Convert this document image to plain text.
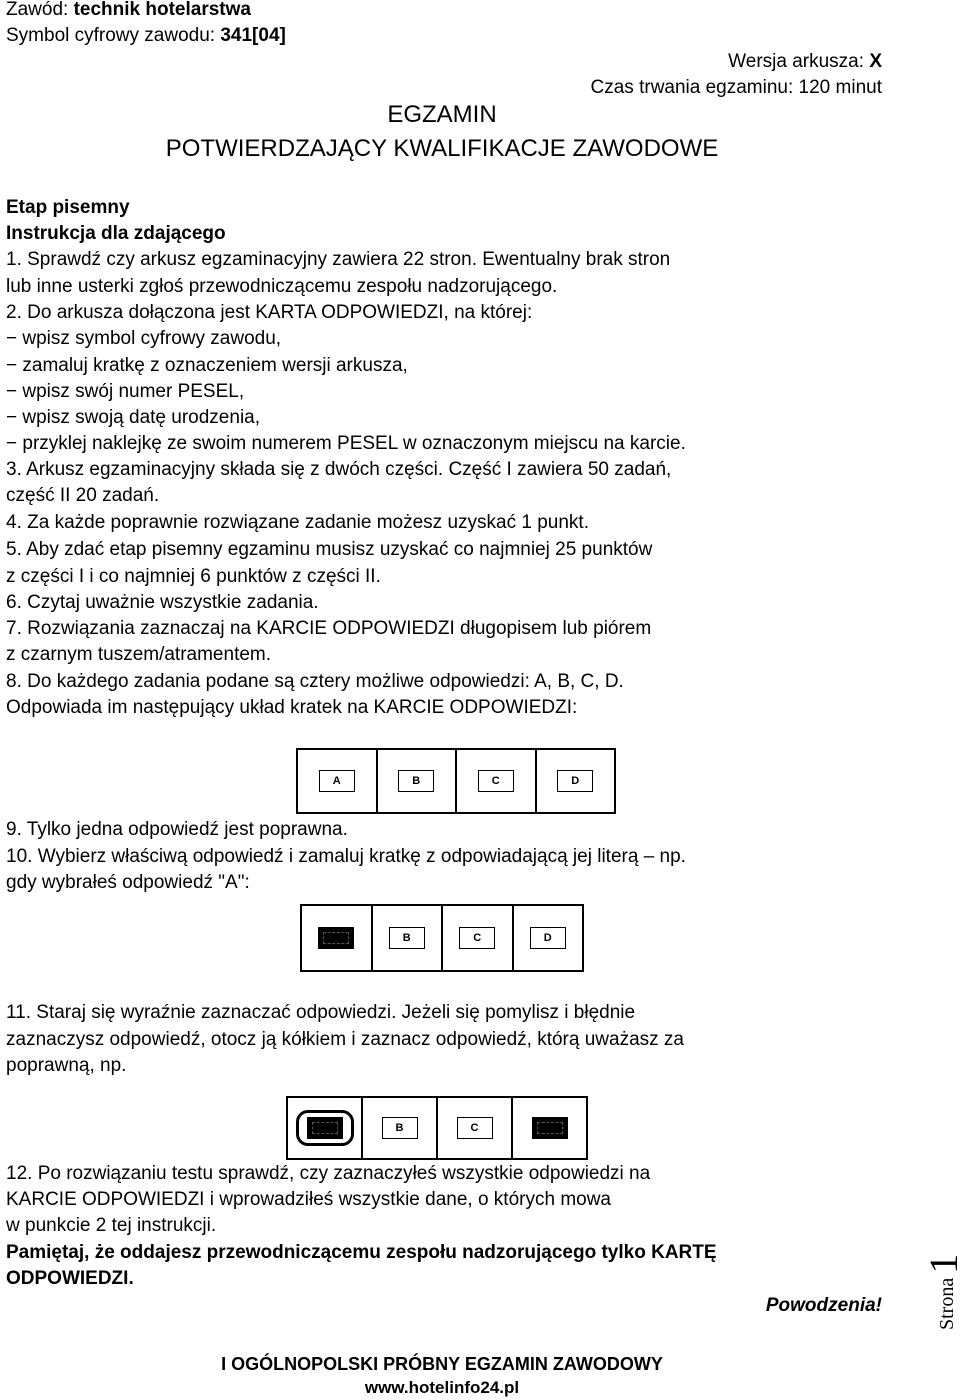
Zawód: technik hotelarstwa
Symbol cyfrowy zawodu: 341[04]
Wersja arkusza: X
Czas trwania egzaminu: 120 minut
EGZAMIN
POTWIERDZAJĄCY KWALIFIKACJE ZAWODOWE
Etap pisemny
Instrukcja dla zdającego
1. Sprawdź czy arkusz egzaminacyjny zawiera 22 stron. Ewentualny brak stron
lub inne usterki zgłoś przewodniczącemu zespołu nadzorującego.
2. Do arkusza dołączona jest KARTA ODPOWIEDZI, na której:
− wpisz symbol cyfrowy zawodu,
− zamaluj kratkę z oznaczeniem wersji arkusza,
− wpisz swój numer PESEL,
− wpisz swoją datę urodzenia,
− przyklej naklejkę ze swoim numerem PESEL w oznaczonym miejscu na karcie.
3. Arkusz egzaminacyjny składa się z dwóch części. Część I zawiera 50 zadań,
część II 20 zadań.
4. Za każde poprawnie rozwiązane zadanie możesz uzyskać 1 punkt.
5. Aby zdać etap pisemny egzaminu musisz uzyskać co najmniej 25 punktów
z części I i co najmniej 6 punktów z części II.
6. Czytaj uważnie wszystkie zadania.
7. Rozwiązania zaznaczaj na KARCIE ODPOWIEDZI długopisem lub piórem
z czarnym tuszem/atramentem.
8. Do każdego zadania podane są cztery możliwe odpowiedzi: A, B, C, D.
Odpowiada im następujący układ kratek na KARCIE ODPOWIEDZI:
A	B	C	D
9. Tylko jedna odpowiedź jest poprawna.
10. Wybierz właściwą odpowiedź i zamaluj kratkę z odpowiadającą jej literą – np.
gdy wybrałeś odpowiedź "A":
A	B	C	D
11. Staraj się wyraźnie zaznaczać odpowiedzi. Jeżeli się pomylisz i błędnie
zaznaczysz odpowiedź, otocz ją kółkiem i zaznacz odpowiedź, którą uważasz za
poprawną, np.
A	B	C	D
12. Po rozwiązaniu testu sprawdź, czy zaznaczyłeś wszystkie odpowiedzi na
KARCIE ODPOWIEDZI i wprowadziłeś wszystkie dane, o których mowa
w punkcie 2 tej instrukcji.
Pamiętaj, że oddajesz przewodniczącemu zespołu nadzorującego tylko KARTĘ
ODPOWIEDZI.
Powodzenia!
I OGÓLNOPOLSKI PRÓBNY EGZAMIN ZAWODOWY
www.hotelinfo24.pl
Strona1
